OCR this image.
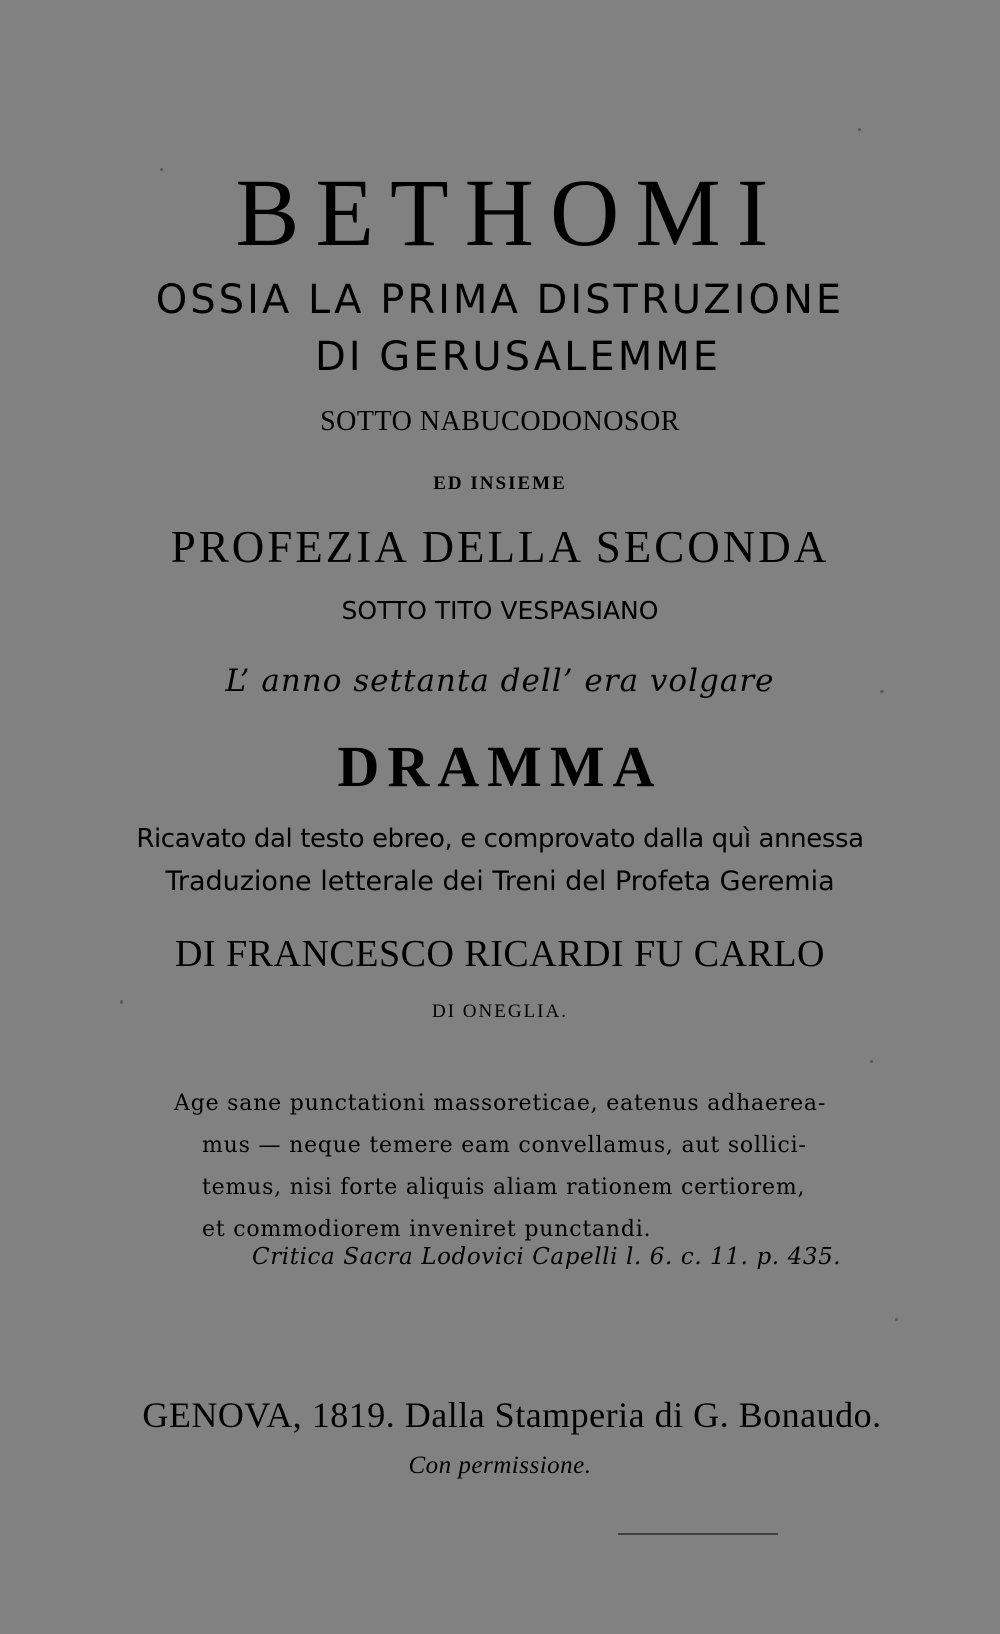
BETHOMI
OSSIA LA PRIMA DISTRUZIONE
DI GERUSALEMME
SOTTO NABUCODONOSOR
ED INSIEME
PROFEZIA DELLA SECONDA
SOTTO TITO VESPASIANO
L’ anno settanta dell’ era volgare
DRAMMA
Ricavato dal testo ebreo, e comprovato dalla quì annessa
Traduzione letterale dei Treni del Profeta Geremia
DI FRANCESCO RICARDI FU CARLO
DI ONEGLIA.
Age sane punctationi massoreticae, eatenus adhaerea-
mus — neque temere eam convellamus, aut sollici-
temus, nisi forte aliquis aliam rationem certiorem,
et commodiorem inveniret punctandi.
Critica Sacra Lodovici Capelli l. 6. c. 11. p. 435.
GENOVA, 1819. Dalla Stamperia di G. Bonaudo.
Con permissione.
